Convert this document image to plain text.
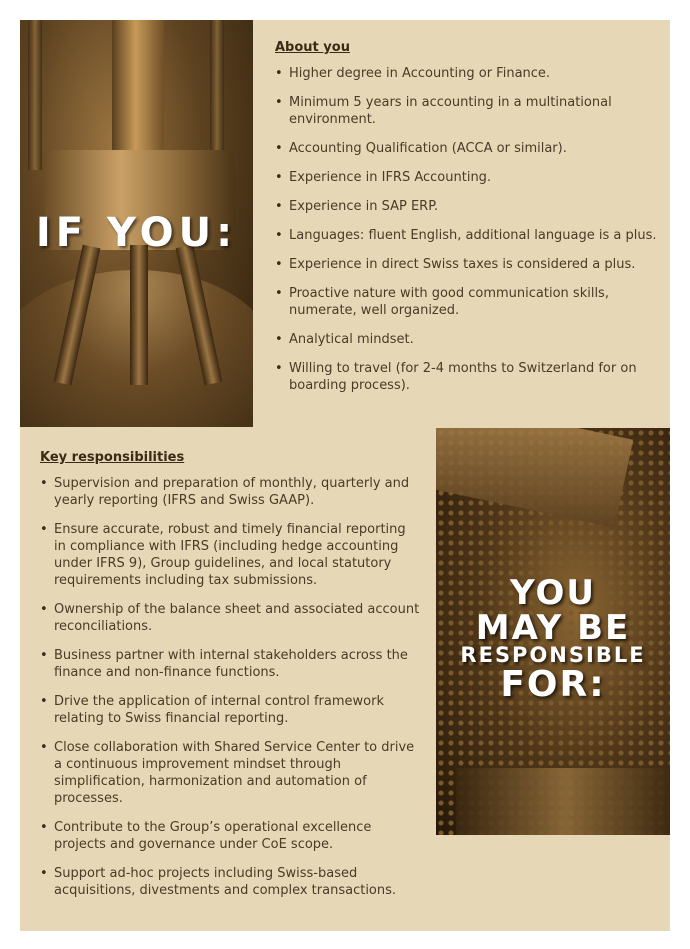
IF YOU:
About you
• Higher degree in Accounting or Finance.
• Minimum 5 years in accounting in a multinational environment.
• Accounting Qualification (ACCA or similar).
• Experience in IFRS Accounting.
• Experience in SAP ERP.
• Languages: fluent English, additional language is a plus.
• Experience in direct Swiss taxes is considered a plus.
• Proactive nature with good communication skills, numerate, well organized.
• Analytical mindset.
• Willing to travel (for 2-4 months to Switzerland for on boarding process).
Key responsibilities
• Supervision and preparation of monthly, quarterly and yearly reporting (IFRS and Swiss GAAP).
• Ensure accurate, robust and timely financial reporting in compliance with IFRS (including hedge accounting under IFRS 9), Group guidelines, and local statutory requirements including tax submissions.
• Ownership of the balance sheet and associated account reconciliations.
• Business partner with internal stakeholders across the finance and non-finance functions.
• Drive the application of internal control framework relating to Swiss financial reporting.
• Close collaboration with Shared Service Center to drive a continuous improvement mindset through simplification, harmonization and automation of processes.
• Contribute to the Group’s operational excellence projects and governance under CoE scope.
• Support ad-hoc projects including Swiss-based acquisitions, divestments and complex transactions.
YOU
MAY BE
RESPONSIBLE
FOR:
